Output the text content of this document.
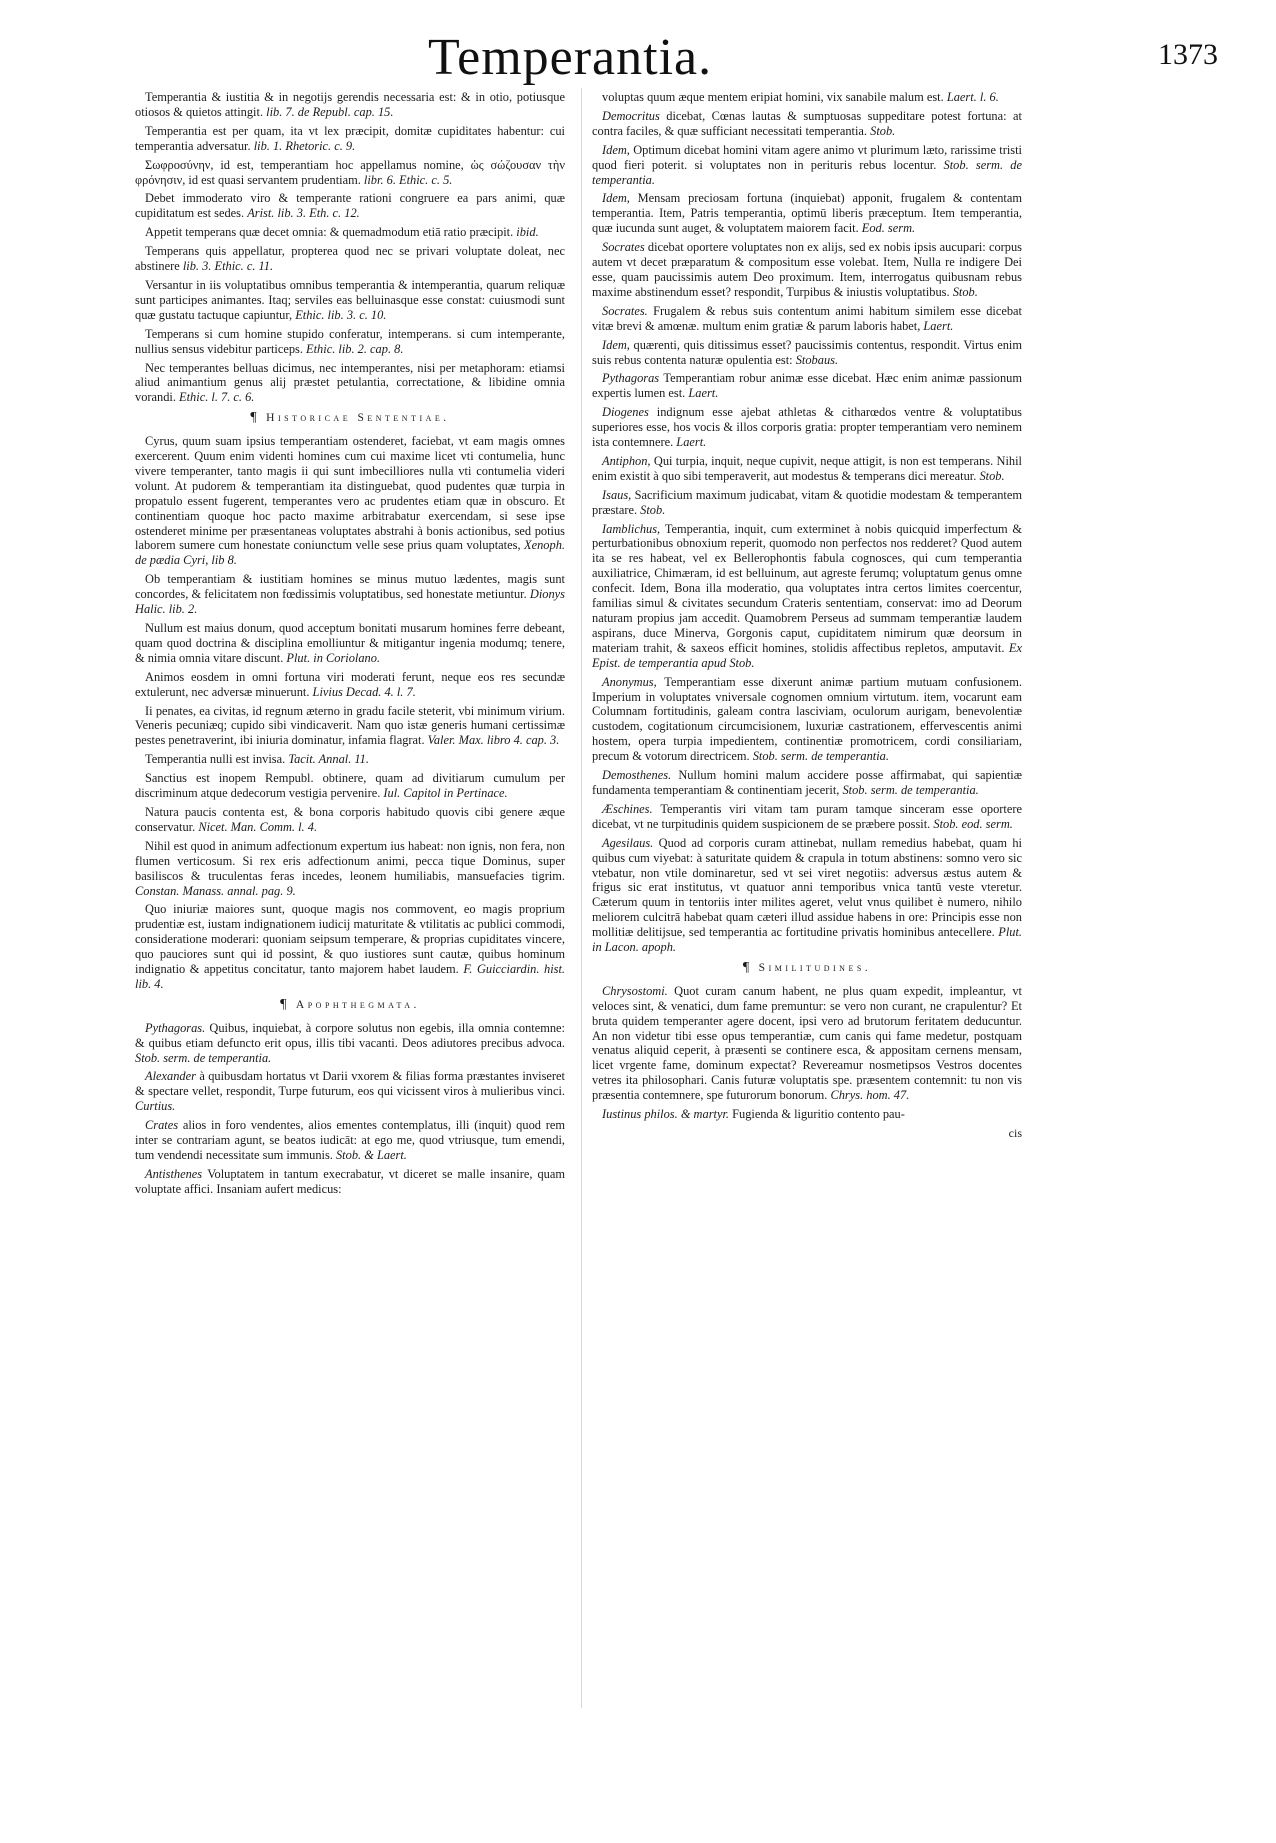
Temperantia.	1373

Temperantia & iustitia & in negotijs gerendis necessaria est: & in otio, potiusque otiosos & quietos attingit. lib. 7. de Republ. cap. 15.

Temperantia est per quam, ita vt lex præcipit, domitæ cupiditates habentur: cui temperantia adversatur. lib. 1. Rhetoric. c. 9.

Σωφροσύνην, id est, temperantiam hoc appellamus nomine, ὡς σώζουσαν τὴν φρόνησιν, id est quasi servantem prudentiam. libr. 6. Ethic. c. 5.

Debet immoderato viro & temperante rationi congruere ea pars animi, quæ cupiditatum est sedes. Arist. lib. 3. Eth. c. 12.

Appetit temperans quæ decet omnia: & quemadmodum etiā ratio præcipit. ibid.

Temperans quis appellatur, propterea quod nec se privari voluptate doleat, nec abstinere lib. 3. Ethic. c. 11.

Versantur in iis voluptatibus omnibus temperantia & intemperantia, quarum reliquæ sunt participes animantes. Itaq; serviles eas belluinasque esse constat: cuiusmodi sunt quæ gustatu tactuque capiuntur, Ethic. lib. 3. c. 10.

Temperans si cum homine stupido conferatur, intemperans. si cum intemperante, nullius sensus videbitur particeps. Ethic. lib. 2. cap. 8.

Nec temperantes belluas dicimus, nec intemperantes, nisi per metaphoram: etiamsi aliud animantium genus alij præstet petulantia, correctatione, & libidine omnia vorandi. Ethic. l. 7. c. 6.

¶ Historicae Sententiae.

Cyrus, quum suam ipsius temperantiam ostenderet, faciebat, vt eam magis omnes exercerent. Quum enim videnti homines cum cui maxime licet vti contumelia, hunc vivere temperanter, tanto magis ii qui sunt imbecilliores nulla vti contumelia videri volunt. At pudorem & temperantiam ita distinguebat, quod pudentes quæ turpia in propatulo essent fugerent, temperantes vero ac prudentes etiam quæ in obscuro. Et continentiam quoque hoc pacto maxime arbitrabatur exercendam, si sese ipse ostenderet minime per præsentaneas voluptates abstrahi à bonis actionibus, sed potius laborem sumere cum honestate coniunctum velle sese prius quam voluptates, Xenoph. de pædia Cyri, lib 8.

Ob temperantiam & iustitiam homines se minus mutuo lædentes, magis sunt concordes, & felicitatem non fœdissimis voluptatibus, sed honestate metiuntur. Dionys Halic. lib. 2.

Nullum est maius donum, quod acceptum bonitati musarum homines ferre debeant, quam quod doctrina & disciplina emolliuntur & mitigantur ingenia modumq; tenere, & nimia omnia vitare discunt. Plut. in Coriolano.

Animos eosdem in omni fortuna viri moderati ferunt, neque eos res secundæ extulerunt, nec adversæ minuerunt. Livius Decad. 4. l. 7.

Ii penates, ea civitas, id regnum æterno in gradu facile steterit, vbi minimum virium. Veneris pecuniæq; cupido sibi vindicaverit. Nam quo istæ generis humani certissimæ pestes penetraverint, ibi iniuria dominatur, infamia flagrat. Valer. Max. libro 4. cap. 3.

Temperantia nulli est invisa. Tacit. Annal. 11.

Sanctius est inopem Rempubl. obtinere, quam ad divitiarum cumulum per discriminum atque dedecorum vestigia pervenire. Iul. Capitol in Pertinace.

Natura paucis contenta est, & bona corporis habitudo quovis cibi genere æque conservatur. Nicet. Man. Comm. l. 4.

Nihil est quod in animum adfectionum expertum ius habeat: non ignis, non fera, non flumen verticosum. Si rex eris adfectionum animi, pecca tique Dominus, super basiliscos & truculentas feras incedes, leonem humiliabis, mansuefacies tigrim. Constan. Manass. annal. pag. 9.

Quo iniuriæ maiores sunt, quoque magis nos commovent, eo magis proprium prudentiæ est, iustam indignationem iudicij maturitate & vtilitatis ac publici commodi, consideratione moderari: quoniam seipsum temperare, & proprias cupiditates vincere, quo pauciores sunt qui id possint, & quo iustiores sunt cautæ, quibus hominum indignatio & appetitus concitatur, tanto majorem habet laudem. F. Guicciardin. hist. lib. 4.

¶ Apophthegmata.

Pythagoras. Quibus, inquiebat, à corpore solutus non egebis, illa omnia contemne: & quibus etiam defuncto erit opus, illis tibi vacanti. Deos adiutores precibus advoca. Stob. serm. de temperantia.

Alexander à quibusdam hortatus vt Darii vxorem & filias forma præstantes inviseret & spectare vellet, respondit, Turpe futurum, eos qui vicissent viros à mulieribus vinci. Curtius.

Crates alios in foro vendentes, alios ementes contemplatus, illi (inquit) quod rem inter se contrariam agunt, se beatos iudicāt: at ego me, quod vtriusque, tum emendi, tum vendendi necessitate sum immunis. Stob. & Laert.

Antisthenes Voluptatem in tantum execrabatur, vt diceret se malle insanire, quam voluptate affici. Insaniam aufert medicus:

voluptas quum æque mentem eripiat homini, vix sanabile malum est. Laert. l. 6.

Democritus dicebat, Cœnas lautas & sumptuosas suppeditare potest fortuna: at contra faciles, & quæ sufficiant necessitati temperantia. Stob.

Idem, Optimum dicebat homini vitam agere animo vt plurimum læto, rarissime tristi quod fieri poterit. si voluptates non in perituris rebus locentur. Stob. serm. de temperantia.

Idem, Mensam preciosam fortuna (inquiebat) apponit, frugalem & contentam temperantia. Item, Patris temperantia, optimū liberis præceptum. Item temperantia, quæ iucunda sunt auget, & voluptatem maiorem facit. Eod. serm.

Socrates dicebat oportere voluptates non ex alijs, sed ex nobis ipsis aucupari: corpus autem vt decet præparatum & compositum esse volebat. Item, Nulla re indigere Dei esse, quam paucissimis autem Deo proximum. Item, interrogatus quibusnam rebus maxime abstinendum esset? respondit, Turpibus & iniustis voluptatibus. Stob.

Socrates. Frugalem & rebus suis contentum animi habitum similem esse dicebat vitæ brevi & amœnæ. multum enim gratiæ & parum laboris habet, Laert.

Idem, quærenti, quis ditissimus esset? paucissimis contentus, respondit. Virtus enim suis rebus contenta naturæ opulentia est: Stobaus.

Pythagoras Temperantiam robur animæ esse dicebat. Hæc enim animæ passionum expertis lumen est. Laert.

Diogenes indignum esse ajebat athletas & citharœdos ventre & voluptatibus superiores esse, hos vocis & illos corporis gratia: propter temperantiam vero neminem ista contemnere. Laert.

Antiphon, Qui turpia, inquit, neque cupivit, neque attigit, is non est temperans. Nihil enim existit à quo sibi temperaverit, aut modestus & temperans dici mereatur. Stob.

Isaus, Sacrificium maximum judicabat, vitam & quotidie modestam & temperantem præstare. Stob.

Iamblichus, Temperantia, inquit, cum exterminet à nobis quicquid imperfectum & perturbationibus obnoxium reperit, quomodo non perfectos nos redderet? Quod autem ita se res habeat, vel ex Bellerophontis fabula cognosces, qui cum temperantia auxiliatrice, Chimæram, id est belluinum, aut agreste ferumq; voluptatum genus omne confecit. Idem, Bona illa moderatio, qua voluptates intra certos limites coercentur, familias simul & civitates secundum Crateris sententiam, conservat: imo ad Deorum naturam propius jam accedit. Quamobrem Perseus ad summam temperantiæ laudem aspirans, duce Minerva, Gorgonis caput, cupiditatem nimirum quæ deorsum in materiam trahit, & saxeos efficit homines, stolidis affectibus repletos, amputavit. Ex Epist. de temperantia apud Stob.

Anonymus, Temperantiam esse dixerunt animæ partium mutuam confusionem. Imperium in voluptates vniversale cognomen omnium virtutum. item, vocarunt eam Columnam fortitudinis, galeam contra lasciviam, oculorum aurigam, benevolentiæ custodem, cogitationum circumcisionem, luxuriæ castrationem, effervescentis animi hostem, opera turpia impedientem, continentiæ promotricem, cordi consiliariam, precum & votorum directricem. Stob. serm. de temperantia.

Demosthenes. Nullum homini malum accidere posse affirmabat, qui sapientiæ fundamenta temperantiam & continentiam jecerit, Stob. serm. de temperantia.

Æschines. Temperantis viri vitam tam puram tamque sinceram esse oportere dicebat, vt ne turpitudinis quidem suspicionem de se præbere possit. Stob. eod. serm.

Agesilaus. Quod ad corporis curam attinebat, nullam remedius habebat, quam hi quibus cum viyebat: à saturitate quidem & crapula in totum abstinens: somno vero sic vtebatur, non vtile dominaretur, sed vt sei viret negotiis: adversus æstus autem & frigus sic erat institutus, vt quatuor anni temporibus vnica tantū veste vteretur. Cæterum quum in tentoriis inter milites ageret, velut vnus quilibet è numero, nihilo meliorem culcitrā habebat quam cæteri illud assidue habens in ore: Principis esse non mollitiæ delitijsue, sed temperantia ac fortitudine privatis hominibus antecellere. Plut. in Lacon. apoph.

¶ Similitudines.

Chrysostomi. Quot curam canum habent, ne plus quam expedit, impleantur, vt veloces sint, & venatici, dum fame premuntur: se vero non curant, ne crapulentur? Et bruta quidem temperanter agere docent, ipsi vero ad brutorum feritatem deducuntur. An non videtur tibi esse opus temperantiæ, cum canis qui fame medetur, postquam venatus aliquid ceperit, à præsenti se continere esca, & appositam cernens mensam, licet vrgente fame, dominum expectat? Revereamur nosmetipsos Vestros docentes vetres ita philosophari. Canis futuræ voluptatis spe. præsentem contemnit: tu non vis præsentia contemnere, spe futurorum bonorum. Chrys. hom. 47.

Iustinus philos. & martyr. Fugienda & liguritio contento pau-

cis
